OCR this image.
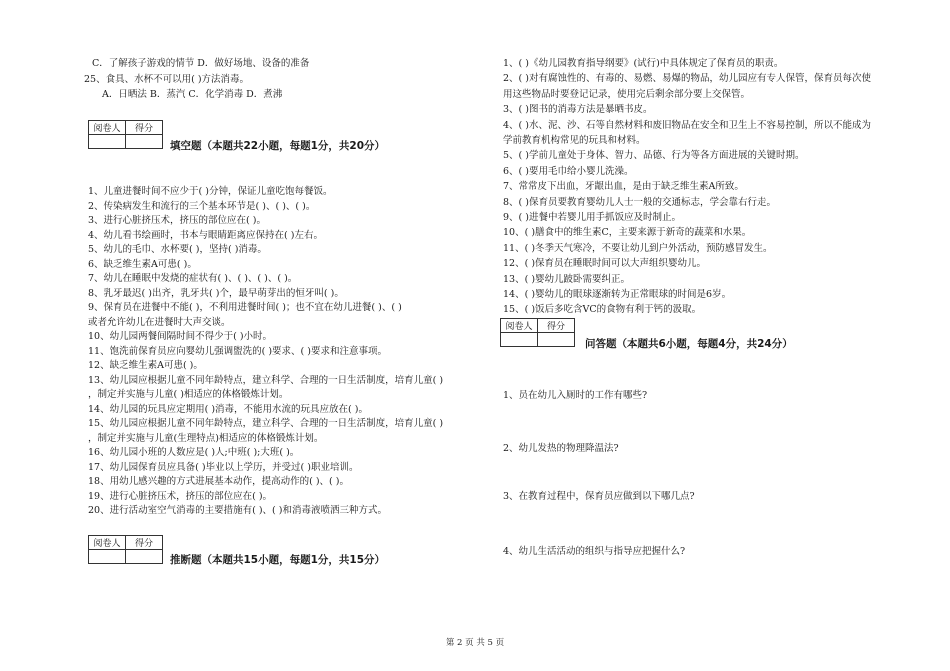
C．了解孩子游戏的情节 D．做好场地、设备的准备
25、食具、水杯不可以用( )方法消毒。
A．日晒法 B．蒸汽 C．化学消毒 D．煮沸
阅卷人	得分

填空题（本题共22小题，每题1分，共20分）
1、儿童进餐时间不应少于( )分钟，保证儿童吃饱每餐饭。
2、传染病发生和流行的三个基本环节是( )、( )、( )。
3、进行心脏挤压术，挤压的部位应在( )。
4、幼儿看书绘画时，书本与眼睛距离应保持在( )左右。
5、幼儿的毛巾、水杯要( )，坚持( )消毒。
6、缺乏维生素A可患( )。
7、幼儿在睡眠中发烧的症状有( )、( )、( )、( )。
8、乳牙最迟( )出齐，乳牙共( )个，最早萌芽出的恒牙叫( )。
9、保育员在进餐中不能( )，不利用进餐时间( )；也不宜在幼儿进餐( )、( )
或者允许幼儿在进餐时大声交谈。
10、幼儿园两餐间隔时间不得少于( )小时。
11、饱洗前保育员应向婴幼儿强调盥洗的( )要求、( )要求和注意事项。
12、缺乏维生素A可患( )。
13、幼儿园应根据儿童不同年龄特点，建立科学、合理的一日生活制度，培育儿童( )
，制定并实施与儿童( )相适应的体格锻炼计划。
14、幼儿园的玩具应定期用( )消毒，不能用水流的玩具应放在( )。
15、幼儿园应根据儿童不同年龄特点，建立科学、合理的一日生活制度，培育儿童( )
，制定并实施与儿童(生理特点)相适应的体格锻炼计划。
16、幼儿园小班的人数应是( )人;中班( );大班( )。
17、幼儿园保育员应具备( )毕业以上学历，并受过( )职业培训。
18、用幼儿感兴趣的方式进展基本动作，提高动作的( )、( )。
19、进行心脏挤压术，挤压的部位应在( )。
20、进行活动室空气消毒的主要措施有( )、( )和消毒液喷洒三种方式。
阅卷人	得分

推断题（本题共15小题，每题1分，共15分）
1、( )《幼儿园教育指导纲要》(试行)中具体规定了保育员的职责。
2、( )对有腐蚀性的、有毒的、易燃、易爆的物品，幼儿园应有专人保管，保育员每次使
用这些物品时要登记记录，使用完后剩余部分要上交保管。
3、( )图书的消毒方法是暴晒书皮。
4、( )水、泥、沙、石等自然材料和废旧物品在安全和卫生上不容易控制，所以不能成为
学前教育机构常见的玩具和材料。
5、( )学前儿童处于身体、智力、品德、行为等各方面进展的关键时期。
6、( )要用毛巾给小婴儿洗澡。
7、常常皮下出血，牙龈出血，是由于缺乏维生素A所致。
8、( )保育员要教育婴幼儿人士一般的交通标志，学会靠右行走。
9、( )进餐中若婴儿用手抓饭应及时制止。
10、( )膳食中的维生素C，主要来源于新奇的蔬菜和水果。
11、( )冬季天气寒冷，不要让幼儿到户外活动，预防感冒发生。
12、( )保育员在睡眠时间可以大声组织婴幼儿。
13、( )婴幼儿跛卧需要纠正。
14、( )婴幼儿的眼球逐渐转为正常眼球的时间是6岁。
15、( )饭后多吃含VC的食物有利于钙的汲取。
阅卷人	得分

问答题（本题共6小题，每题4分，共24分）
1、员在幼儿入厕时的工作有哪些?
2、幼儿发热的物理降温法?
3、在教育过程中，保育员应做到以下哪几点?
4、幼儿生活活动的组织与指导应把握什么?
第 2 页 共 5 页
